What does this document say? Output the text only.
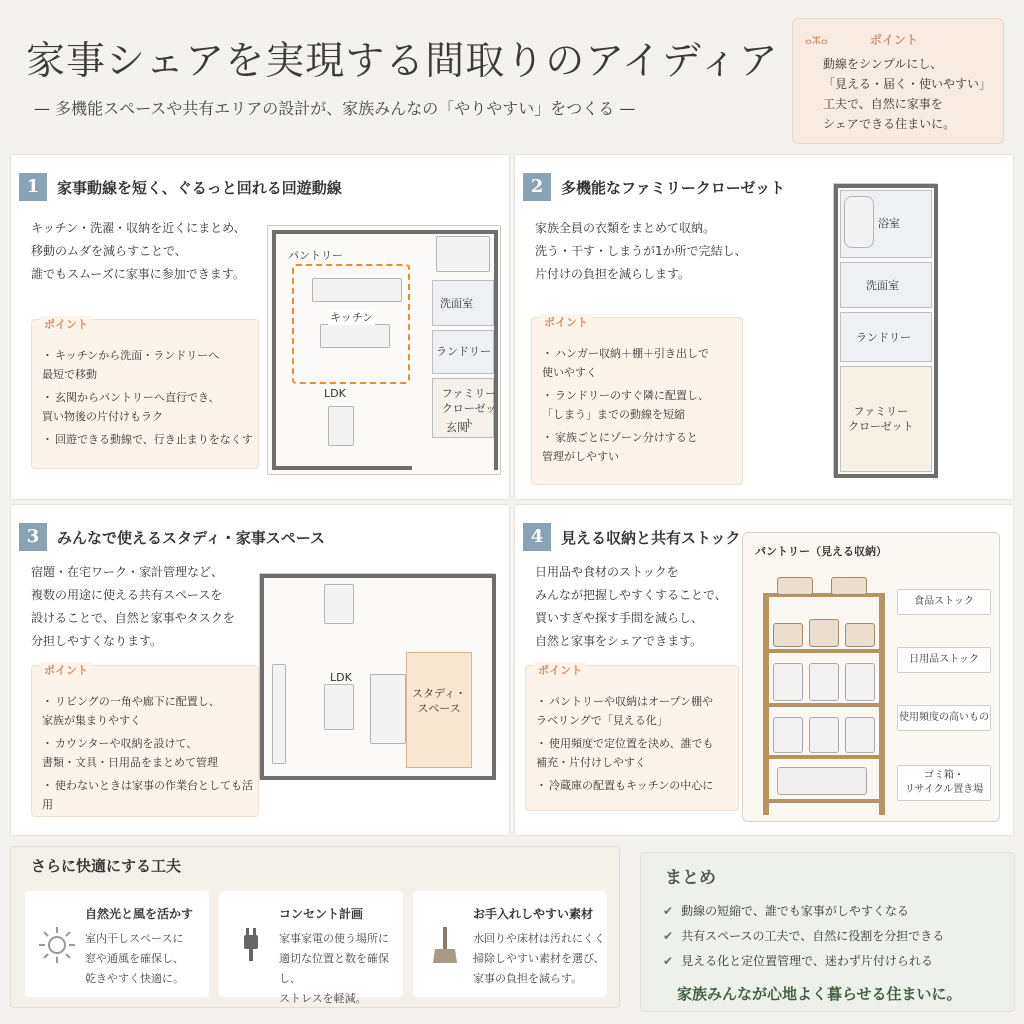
家事シェアを実現する間取りのアイディア
— 多機能スペースや共有エリアの設計が、家族みんなの「やりやすい」をつくる —
ⴰⵣⴰ	ポイント
動線をシンプルにし、
「見える・届く・使いやすい」
工夫で、自然に家事を
シェアできる住まいに。
1	家事動線を短く、ぐるっと回れる回遊動線
キッチン・洗濯・収納を近くにまとめ、
移動のムダを減らすことで、
誰でもスムーズに家事に参加できます。
ポイント
・ キッチンから洗面・ランドリーへ
最短で移動
・ 玄関からパントリーへ直行でき、
買い物後の片付けもラク
・ 回遊できる動線で、行き止まりをなくす
パントリー
キッチン
洗面室
ランドリー
LDK	ファミリー
クローゼット
玄関
2	多機能なファミリークローゼット
家族全員の衣類をまとめて収納。
洗う・干す・しまうが1か所で完結し、
片付けの負担を減らします。
ポイント
・ ハンガー収納＋棚＋引き出しで
使いやすく
・ ランドリーのすぐ隣に配置し、
「しまう」までの動線を短縮
・ 家族ごとにゾーン分けすると
管理がしやすい
浴室
洗面室
ランドリー
ファミリー
クローゼット
3	みんなで使えるスタディ・家事スペース
宿題・在宅ワーク・家計管理など、
複数の用途に使える共有スペースを
設けることで、自然と家事やタスクを
分担しやすくなります。
ポイント
・ リビングの一角や廊下に配置し、
家族が集まりやすく
・ カウンターや収納を設けて、
書類・文具・日用品をまとめて管理
・ 使わないときは家事の作業台としても活用
LDK
スタディ・
スペース
4	見える収納と共有ストック
日用品や食材のストックを
みんなが把握しやすくすることで、
買いすぎや探す手間を減らし、
自然と家事をシェアできます。
ポイント
・ パントリーや収納はオープン棚や
ラベリングで「見える化」
・ 使用頻度で定位置を決め、誰でも
補充・片付けしやすく
・ 冷蔵庫の配置もキッチンの中心に
パントリー（見える収納）
食品ストック
日用品ストック
使用頻度の高いもの
ゴミ箱・
リサイクル置き場
さらに快適にする工夫
自然光と風を活かす
室内干しスペースに
窓や通風を確保し、
乾きやすく快適に。
コンセント計画
家事家電の使う場所に
適切な位置と数を確保し、
ストレスを軽減。
お手入れしやすい素材
水回りや床材は汚れにくく
掃除しやすい素材を選び、
家事の負担を減らす。
まとめ
✔ 動線の短縮で、誰でも家事がしやすくなる
✔ 共有スペースの工夫で、自然に役割を分担できる
✔ 見える化と定位置管理で、迷わず片付けられる
家族みんなが心地よく暮らせる住まいに。
